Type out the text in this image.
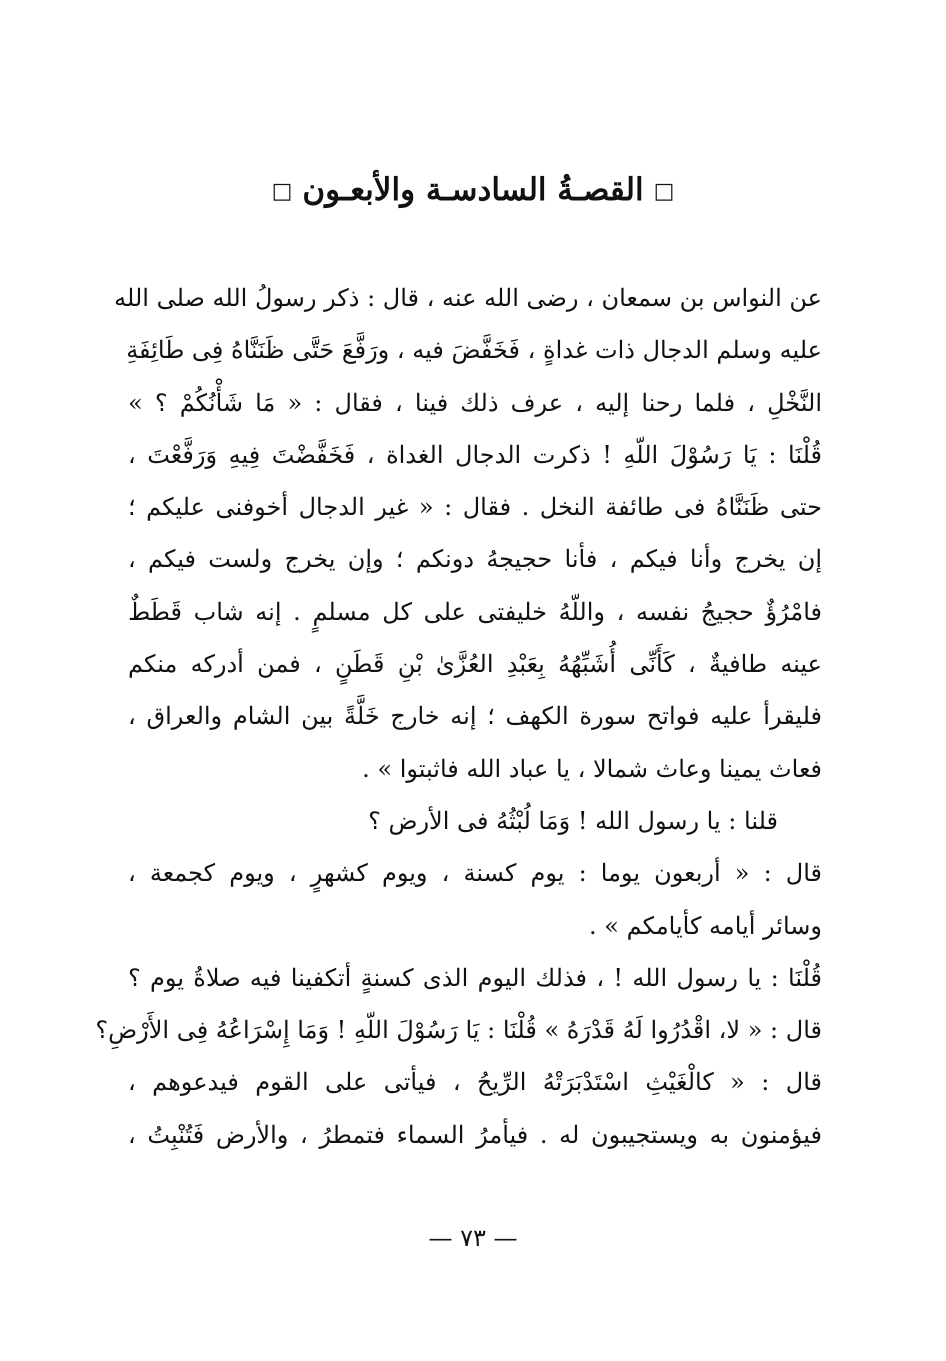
□القصـةُ السادسـة والأبعـون□
عن النواس بن سمعان ، رضى الله عنه ، قال : ذكر رسولُ الله صلى الله
عليه وسلم الدجال ذات غداةٍ ، فَخَفَّضَ فيه ، ورَفَّعَ حَتَّى ظَنَنَّاهُ فِى طَائِفَةِ
النَّخْلِ ، فلما رحنا إليه ، عرف ذلك فينا ، فقال : « مَا شَأْنُكُمْ ؟ »
قُلْنَا : يَا رَسُوْلَ اللّهِ ! ذكرت الدجال الغداة ، فَخَفَّضْتَ فِيهِ وَرَفَّعْتَ ،
حتى ظَنَنَّاهُ فى طائفة النخل . فقال : « غير الدجال أخوفنى عليكم ؛
إن يخرج وأنا فيكم ، فأنا حجيجهُ دونكم ؛ وإن يخرج ولست فيكم ،
فامْرُؤٌ حجيجُ نفسه ، واللّهُ خليفتى على كل مسلمٍ . إنه شاب قَطَطٌ
عينه طافيةٌ ، كَأَنِّى أُشَبِّهُهُ بِعَبْدِ العُزَّىٰ بْنِ قَطَنٍ ، فمن أدركه منكم
فليقرأ عليه فواتح سورة الكهف ؛ إنه خارج خَلَّةً بين الشام والعراق ،
فعاث يمينا وعاث شمالا ، يا عباد الله فاثبتوا » .
قلنا : يا رسول الله ! وَمَا لُبْثُهُ فى الأرض ؟
قال : « أربعون يوما : يوم كسنة ، ويوم كشهرٍ ، ويوم كجمعة ،
وسائر أيامه كأيامكم » .
قُلْنَا : يا رسول الله ! ، فذلك اليوم الذى كسنةٍ أتكفينا فيه صلاةُ يوم ؟
قال : « لا، اقْدُرُوا لَهُ قَدْرَهُ » قُلْنَا : يَا رَسُوْلَ اللّهِ ! وَمَا إِسْرَاعُهُ فِى الأَرْضِ؟
قال : « كالْغَيْثِ اسْتَدْبَرَتْهُ الرِّيحُ ، فيأتى على القوم فيدعوهم ،
فيؤمنون به ويستجيبون له . فيأمرُ السماء فتمطرُ ، والأرض فَتُنْبِتُ ،
— ٧٣ —
